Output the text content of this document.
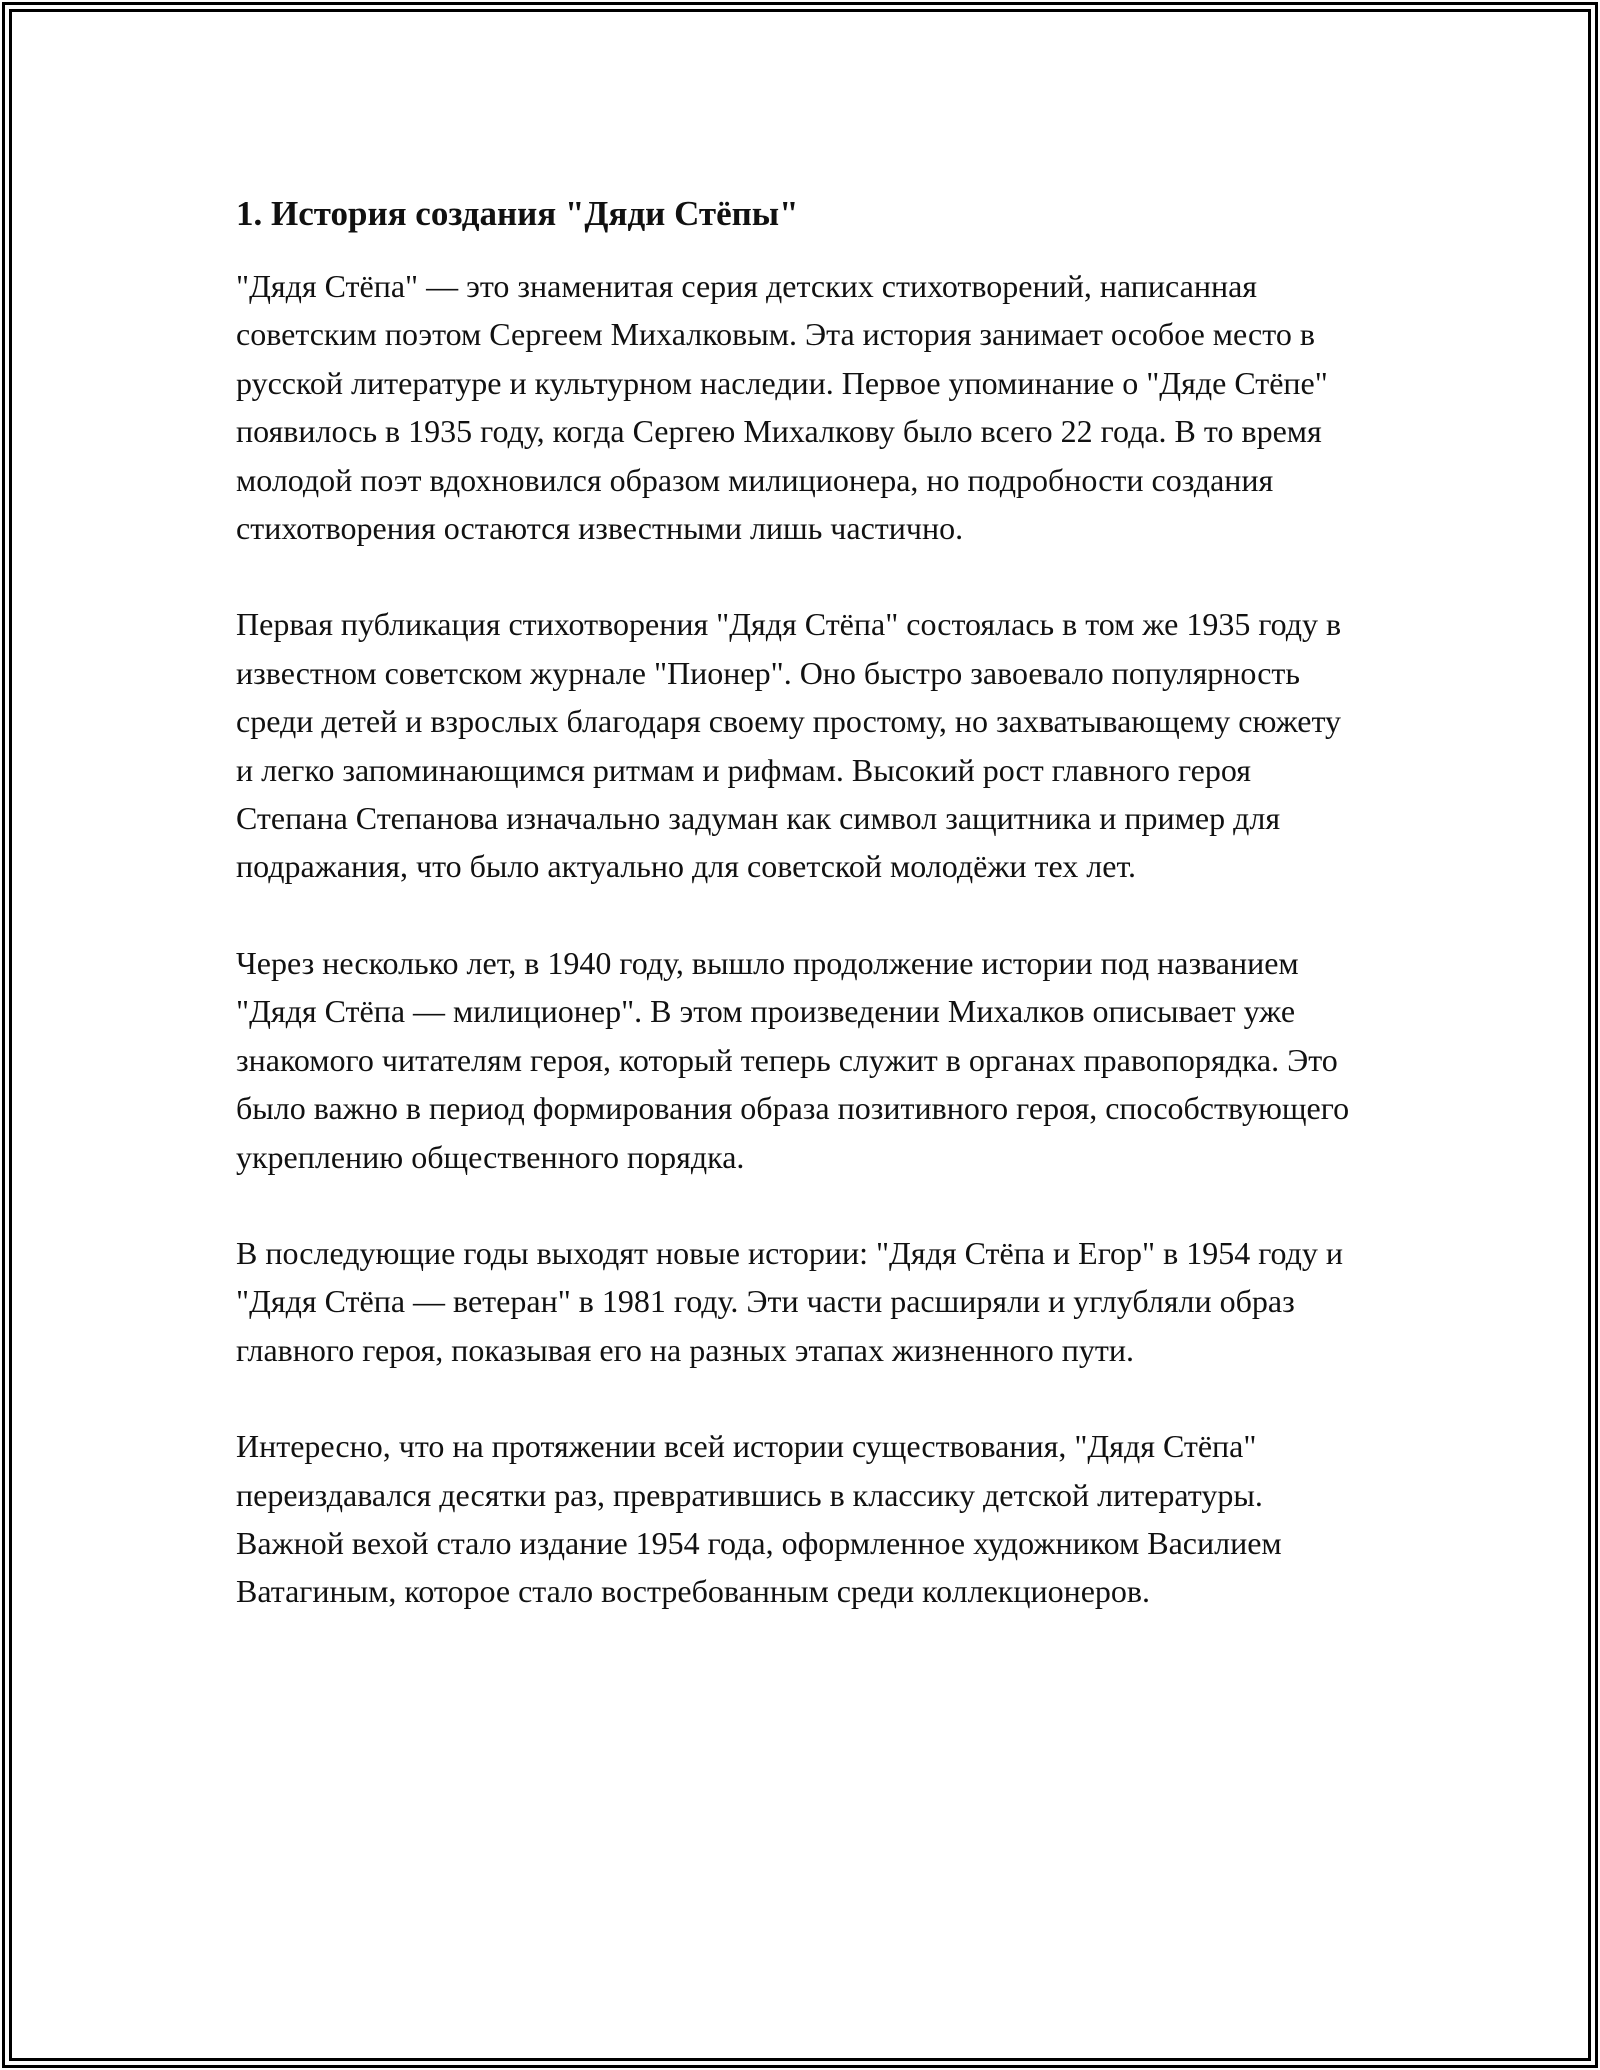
1. История создания "Дяди Стёпы"

"Дядя Стёпа" — это знаменитая серия детских стихотворений, написанная советским поэтом Сергеем Михалковым. Эта история занимает особое место в русской литературе и культурном наследии. Первое упоминание о "Дяде Стёпе" появилось в 1935 году, когда Сергею Михалкову было всего 22 года. В то время молодой поэт вдохновился образом милиционера, но подробности создания стихотворения остаются известными лишь частично.

Первая публикация стихотворения "Дядя Стёпа" состоялась в том же 1935 году в известном советском журнале "Пионер". Оно быстро завоевало популярность среди детей и взрослых благодаря своему простому, но захватывающему сюжету и легко запоминающимся ритмам и рифмам. Высокий рост главного героя Степана Степанова изначально задуман как символ защитника и пример для подражания, что было актуально для советской молодёжи тех лет.

Через несколько лет, в 1940 году, вышло продолжение истории под названием "Дядя Стёпа — милиционер". В этом произведении Михалков описывает уже знакомого читателям героя, который теперь служит в органах правопорядка. Это было важно в период формирования образа позитивного героя, способствующего укреплению общественного порядка.

В последующие годы выходят новые истории: "Дядя Стёпа и Егор" в 1954 году и "Дядя Стёпа — ветеран" в 1981 году. Эти части расширяли и углубляли образ главного героя, показывая его на разных этапах жизненного пути.

Интересно, что на протяжении всей истории существования, "Дядя Стёпа" переиздавался десятки раз, превратившись в классику детской литературы. Важной вехой стало издание 1954 года, оформленное художником Василием Ватагиным, которое стало востребованным среди коллекционеров.
